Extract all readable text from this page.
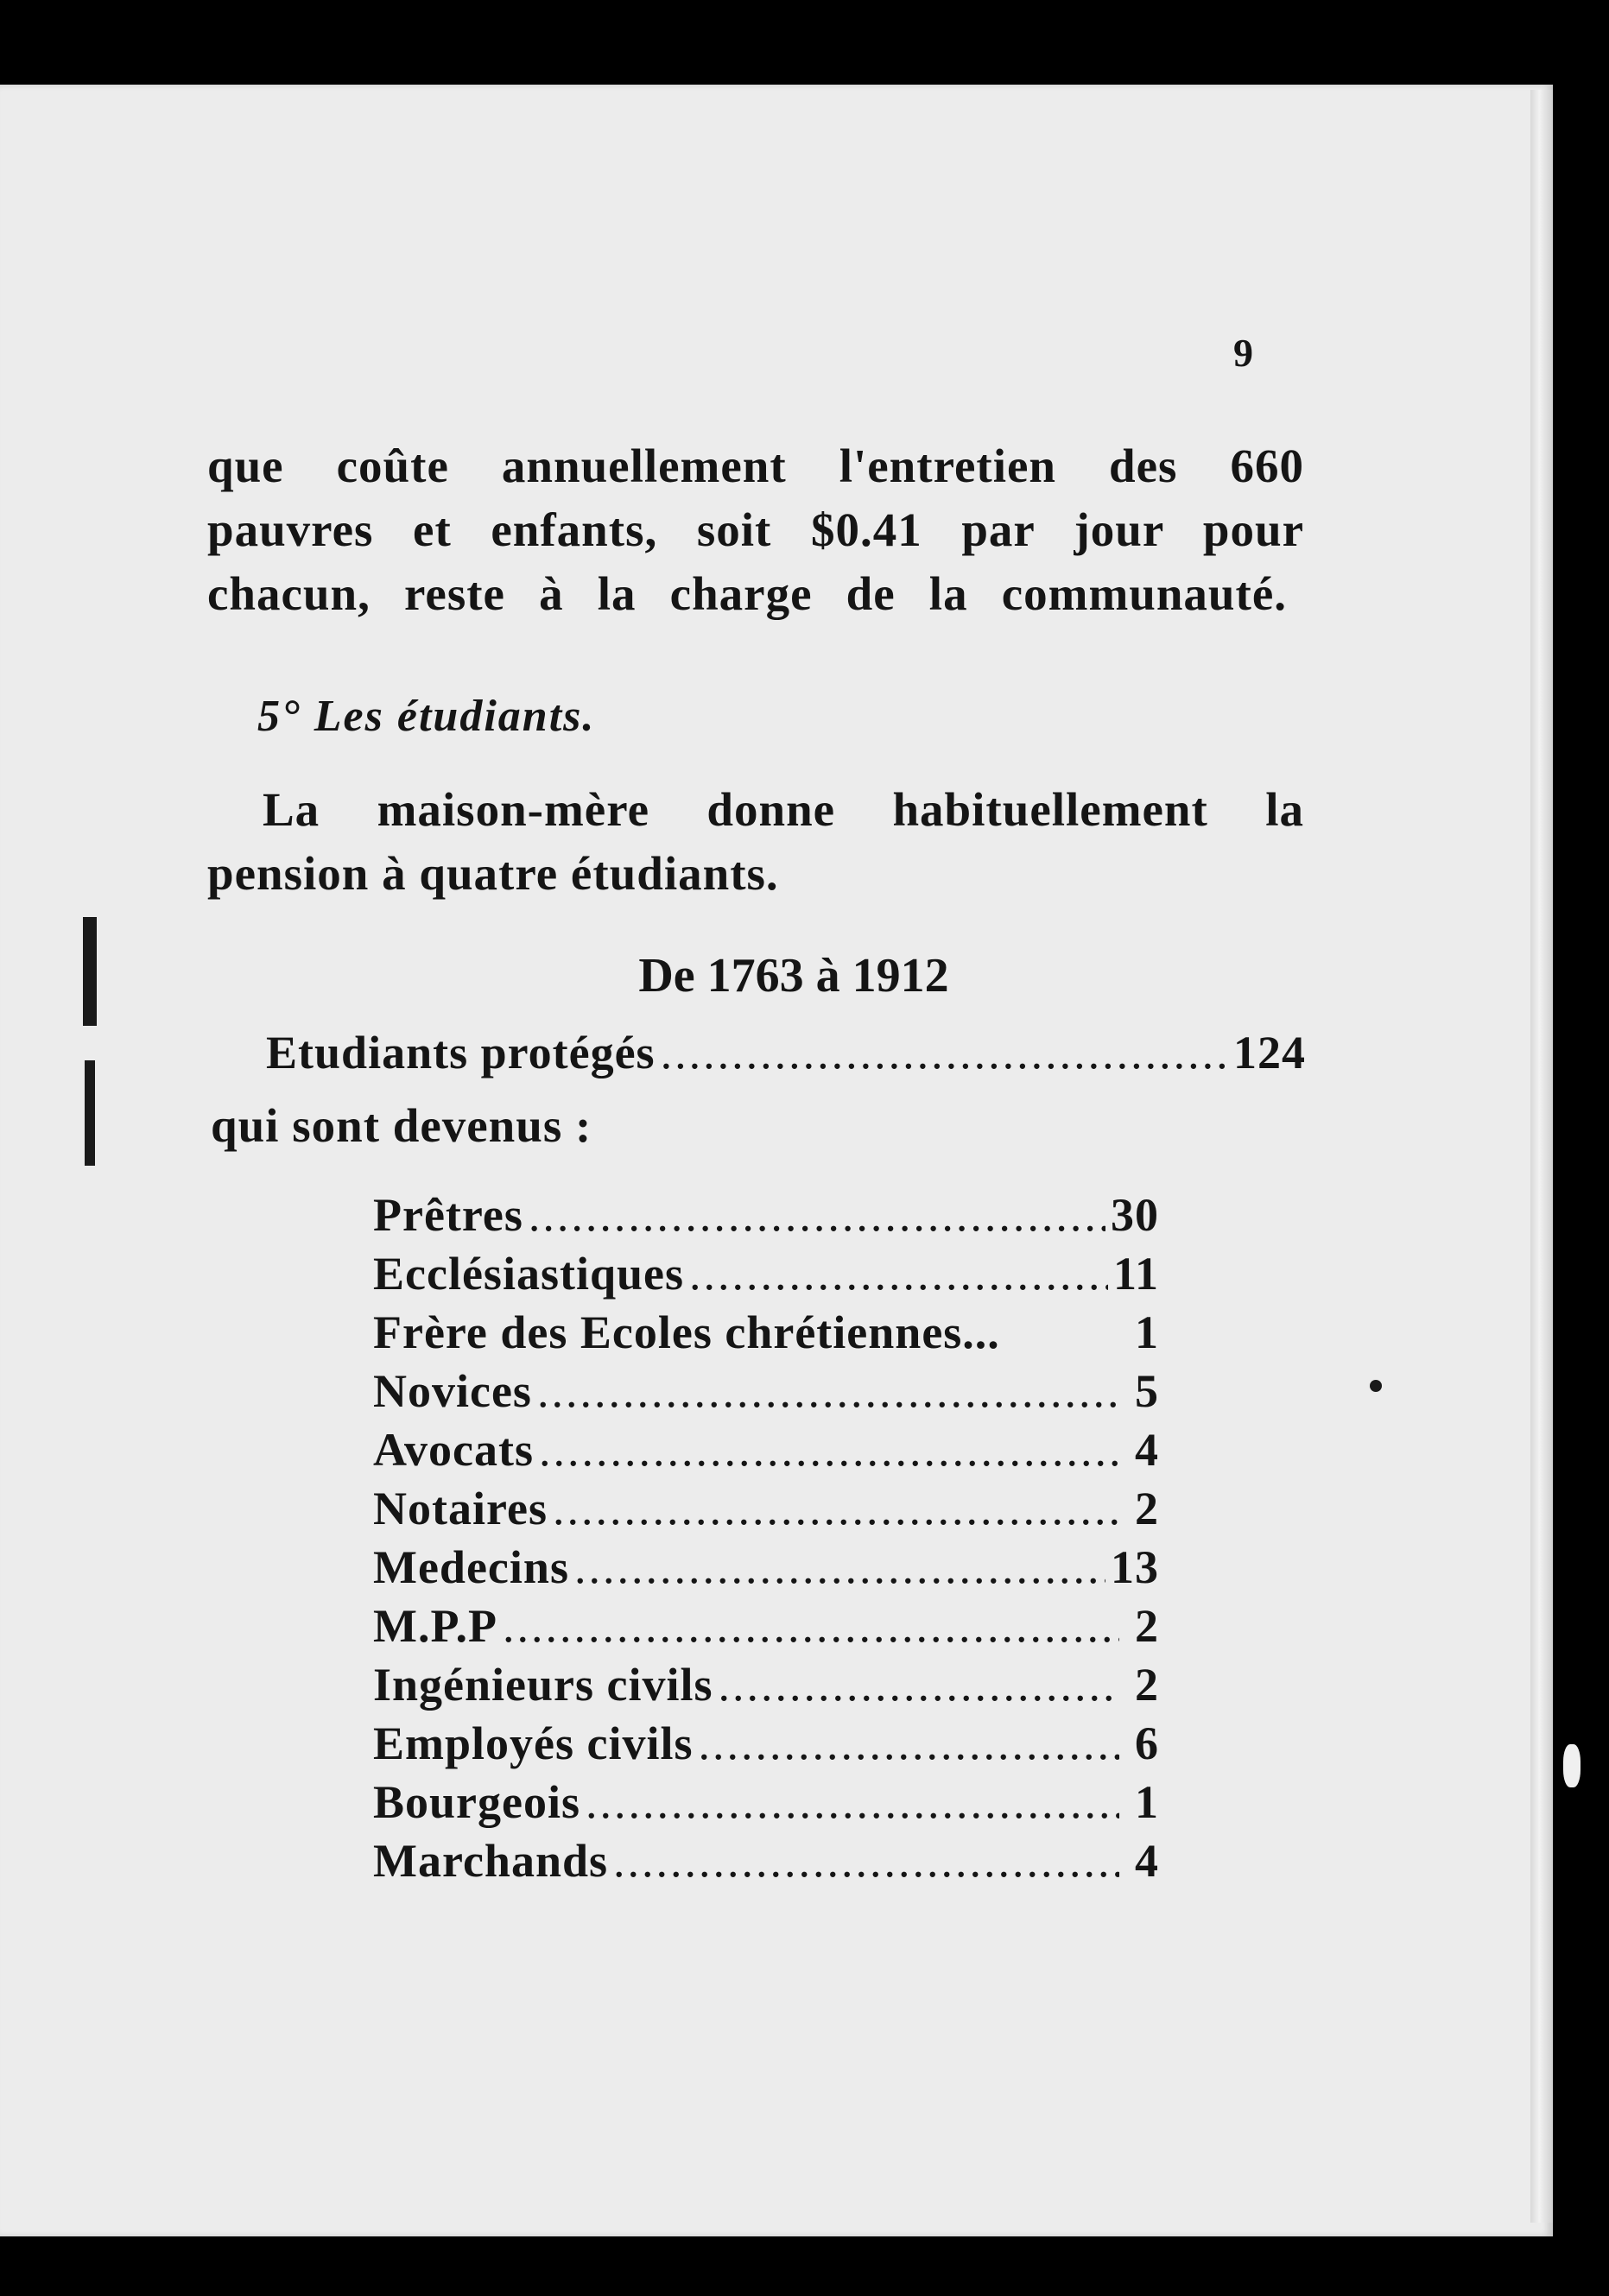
9
que coûte annuellement l'entretien des 660
pauvres et enfants, soit $0.41 par jour pour
chacun, reste à la charge de la communauté.
5° Les étudiants.
La maison-mère donne habituellement la
pension à quatre étudiants.
De 1763 à 1912
Etudiants protégés .....	124
qui sont devenus :
Prêtres .....	30
Ecclésiastiques .....	11
Frère des Ecoles chrétiennes...	1
Novices .....	5
Avocats .....	4
Notaires .....	2
Medecins .....	13
M.P.P .....	2
Ingénieurs civils .....	2
Employés civils .....	6
Bourgeois .....	1
Marchands .....	4
